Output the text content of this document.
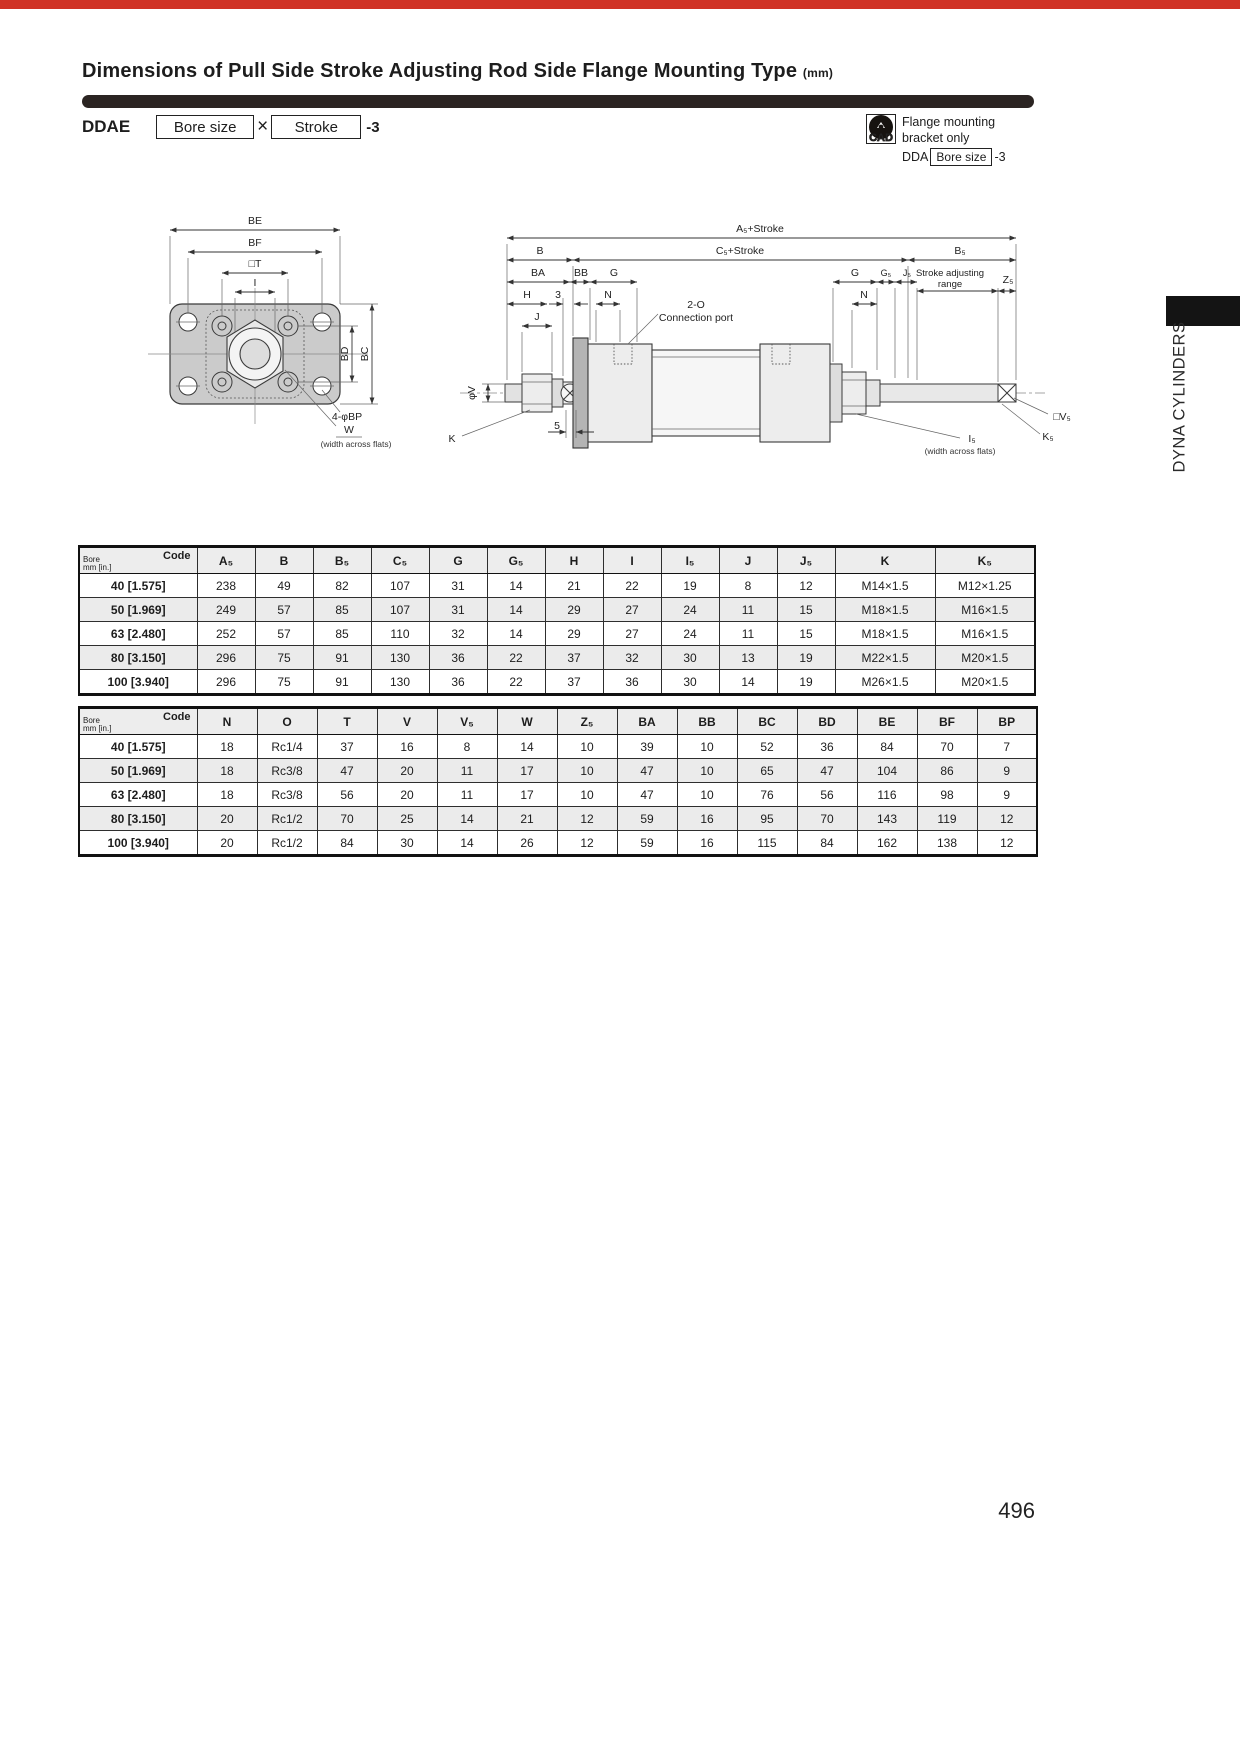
Dimensions of Pull Side Stroke Adjusting Rod Side Flange Mounting Type (mm)
DDAE	Bore size	×	Stroke	-3
CAD
Flange mounting
bracket only
DDA Bore size -3
BE
BF
□T
I
BD BC
4-φBP
W
(width across flats)
A₅+Stroke
B	C₅+Stroke	B₅
BA	BB G	G G₅ J₅ Stroke adjusting
range	Z₅
H 3	N	N
2-O
Connection port
J
φV
K
5
I₅
(width across flats)
K₅
□V₅	DYNA CYLINDERS
Code
Bore
mm [in.]	A₅	B	B₅	C₅	G	G₅	H	I	I₅	J	J₅	K	K₅
40 [1.575]	238	49	82	107	31	14	21	22	19	8	12	M14×1.5	M12×1.25
50 [1.969]	249	57	85	107	31	14	29	27	24	11	15	M18×1.5	M16×1.5
63 [2.480]	252	57	85	110	32	14	29	27	24	11	15	M18×1.5	M16×1.5
80 [3.150]	296	75	91	130	36	22	37	32	30	13	19	M22×1.5	M20×1.5
100 [3.940]	296	75	91	130	36	22	37	36	30	14	19	M26×1.5	M20×1.5
Code
Bore
mm [in.]	N	O	T	V	V₅	W	Z₅	BA	BB	BC	BD	BE	BF	BP
40 [1.575]	18	Rc1/4	37	16	8	14	10	39	10	52	36	84	70	7
50 [1.969]	18	Rc3/8	47	20	11	17	10	47	10	65	47	104	86	9
63 [2.480]	18	Rc3/8	56	20	11	17	10	47	10	76	56	116	98	9
80 [3.150]	20	Rc1/2	70	25	14	21	12	59	16	95	70	143	119	12
100 [3.940]	20	Rc1/2	84	30	14	26	12	59	16	115	84	162	138	12
496
